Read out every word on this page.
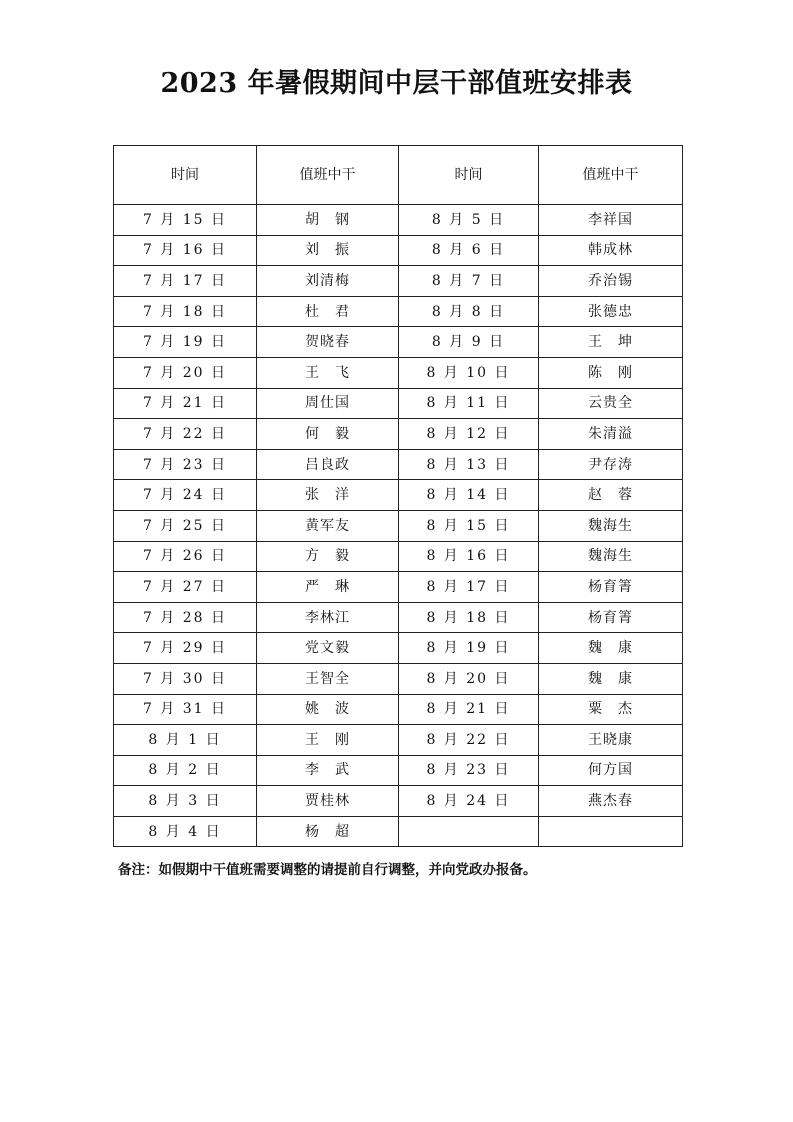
2023 年暑假期间中层干部值班安排表
时间	值班中干	时间	值班中干
7 月 15 日	胡　钢	8 月 5 日	李祥国
7 月 16 日	刘　振	8 月 6 日	韩成林
7 月 17 日	刘清梅	8 月 7 日	乔治锡
7 月 18 日	杜　君	8 月 8 日	张德忠
7 月 19 日	贺晓春	8 月 9 日	王　坤
7 月 20 日	王　飞	8 月 10 日	陈　刚
7 月 21 日	周仕国	8 月 11 日	云贵全
7 月 22 日	何　毅	8 月 12 日	朱清溢
7 月 23 日	吕良政	8 月 13 日	尹存涛
7 月 24 日	张　洋	8 月 14 日	赵　蓉
7 月 25 日	黄军友	8 月 15 日	魏海生
7 月 26 日	方　毅	8 月 16 日	魏海生
7 月 27 日	严　琳	8 月 17 日	杨育箐
7 月 28 日	李林江	8 月 18 日	杨育箐
7 月 29 日	党文毅	8 月 19 日	魏　康
7 月 30 日	王智全	8 月 20 日	魏　康
7 月 31 日	姚　波	8 月 21 日	粟　杰
8 月 1 日	王　刚	8 月 22 日	王晓康
8 月 2 日	李　武	8 月 23 日	何方国
8 月 3 日	贾桂林	8 月 24 日	燕杰春
8 月 4 日	杨　超		
备注：如假期中干值班需要调整的请提前自行调整，并向党政办报备。
